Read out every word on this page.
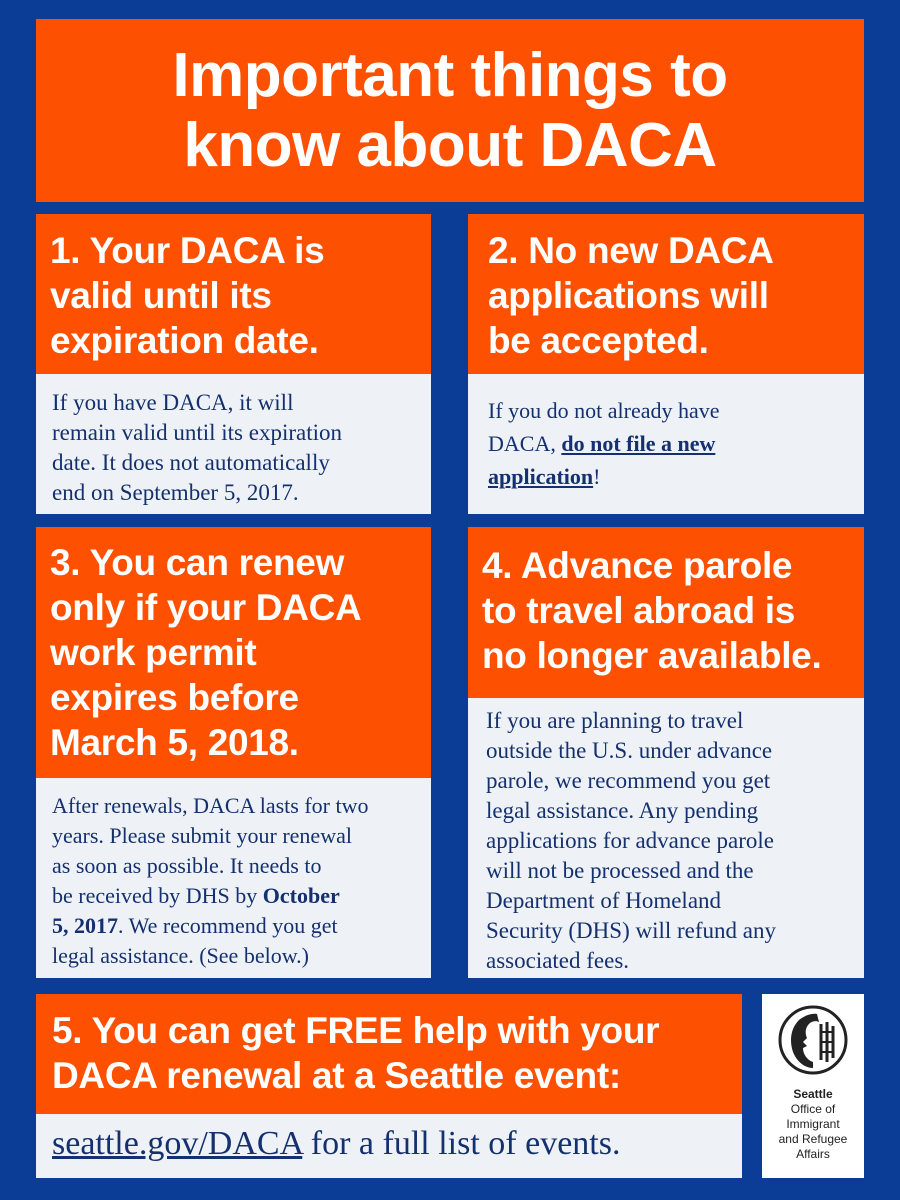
Important things to
know about DACA
1. Your DACA is
valid until its
expiration date.
If you have DACA, it will
remain valid until its expiration
date. It does not automatically
end on September 5, 2017.
2. No new DACA
applications will
be accepted.
If you do not already have
DACA, do not file a new
application!
3. You can renew
only if your DACA
work permit
expires before
March 5, 2018.
After renewals, DACA lasts for two
years. Please submit your renewal
as soon as possible. It needs to
be received by DHS by October
5, 2017. We recommend you get
legal assistance. (See below.)
4. Advance parole
to travel abroad is
no longer available.
If you are planning to travel
outside the U.S. under advance
parole, we recommend you get
legal assistance. Any pending
applications for advance parole
will not be processed and the
Department of Homeland
Security (DHS) will refund any
associated fees.
5. You can get FREE help with your
DACA renewal at a Seattle event:
seattle.gov/DACA for a full list of events.
Seattle
Office of
Immigrant
and Refugee
Affairs
